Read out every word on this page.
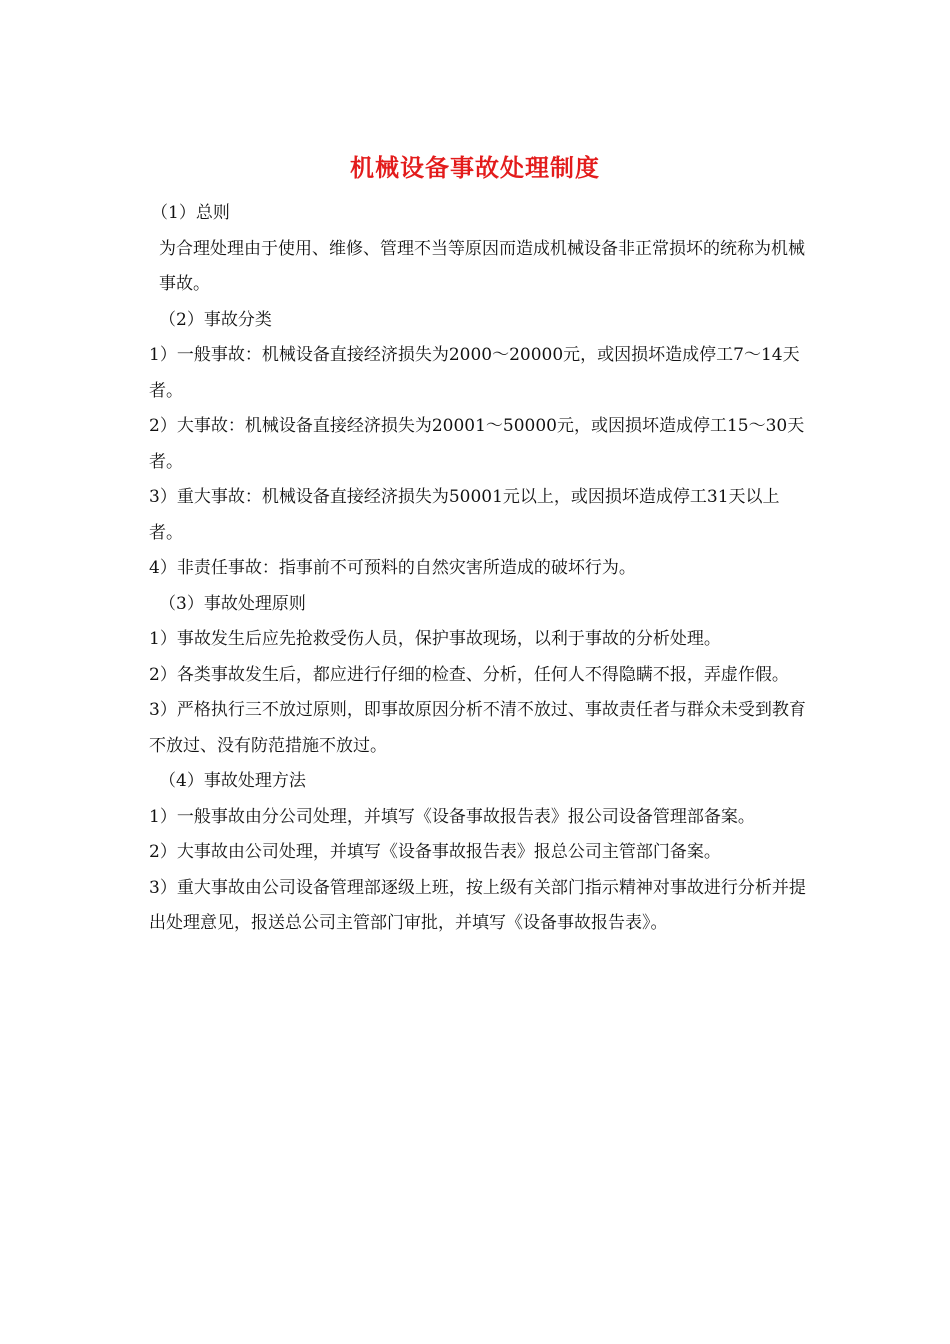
机械设备事故处理制度

（1）总则

为合理处理由于使用、维修、管理不当等原因而造成机械设备非正常损坏的统称为机械事故。

（2）事故分类

1）一般事故：机械设备直接经济损失为2000～20000元，或因损坏造成停工7～14天者。

2）大事故：机械设备直接经济损失为20001～50000元，或因损坏造成停工15～30天者。

3）重大事故：机械设备直接经济损失为50001元以上，或因损坏造成停工31天以上者。

4）非责任事故：指事前不可预料的自然灾害所造成的破坏行为。

（3）事故处理原则

1）事故发生后应先抢救受伤人员，保护事故现场，以利于事故的分析处理。

2）各类事故发生后，都应进行仔细的检查、分析，任何人不得隐瞒不报，弄虚作假。

3）严格执行三不放过原则，即事故原因分析不清不放过、事故责任者与群众未受到教育不放过、没有防范措施不放过。

（4）事故处理方法

1）一般事故由分公司处理，并填写《设备事故报告表》报公司设备管理部备案。

2）大事故由公司处理，并填写《设备事故报告表》报总公司主管部门备案。

3）重大事故由公司设备管理部逐级上班，按上级有关部门指示精神对事故进行分析并提出处理意见，报送总公司主管部门审批，并填写《设备事故报告表》。
